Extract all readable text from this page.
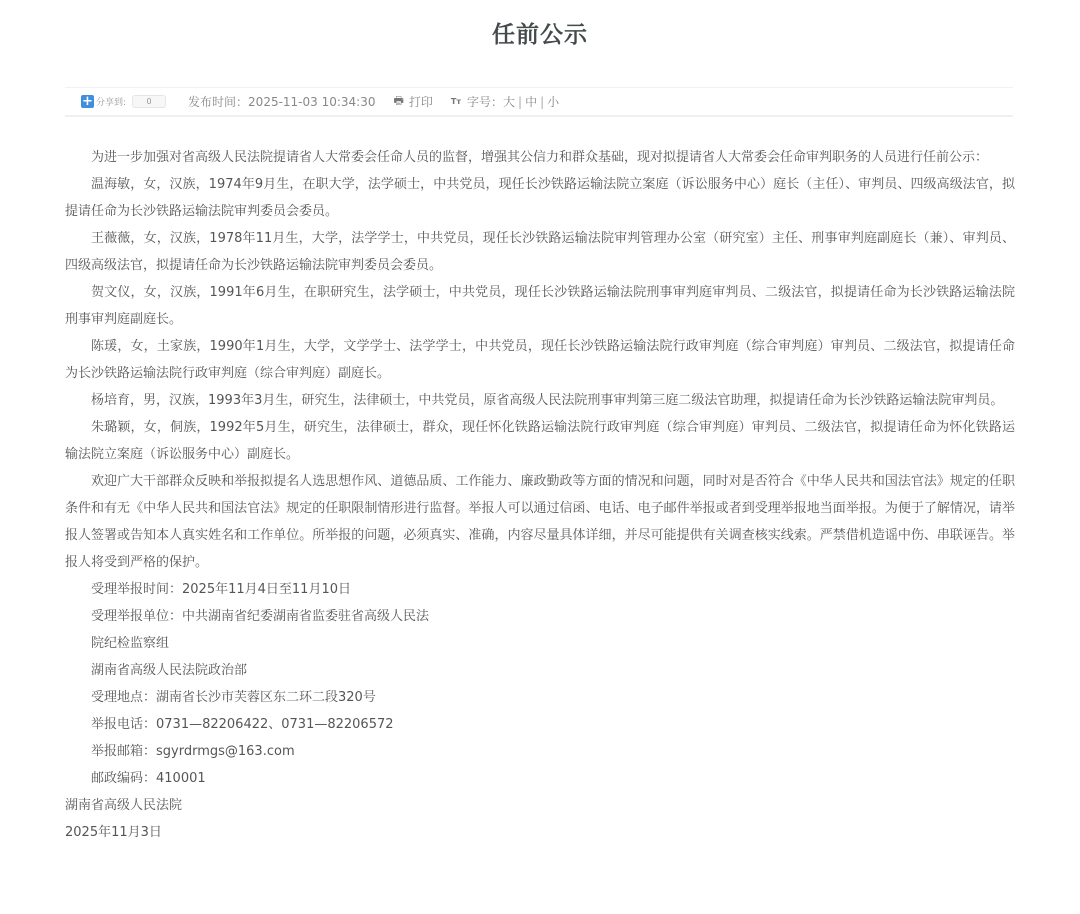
任前公示
+ 分享到:	0	发布时间：2025-11-03 10:34:30 🖶 打印 Tт 字号： 大 | 中 | 小

为进一步加强对省高级人民法院提请省人大常委会任命人员的监督，增强其公信力和群众基础，现对拟提请省人大常委会任命审判职务的人员进行任前公示：

温海敏，女，汉族，1974年9月生，在职大学，法学硕士，中共党员，现任长沙铁路运输法院立案庭（诉讼服务中心）庭长（主任）、审判员、四级高级法官，拟提请任命为长沙铁路运输法院审判委员会委员。

王薇薇，女，汉族，1978年11月生，大学，法学学士，中共党员，现任长沙铁路运输法院审判管理办公室（研究室）主任、刑事审判庭副庭长（兼）、审判员、四级高级法官，拟提请任命为长沙铁路运输法院审判委员会委员。

贺文仪，女，汉族，1991年6月生，在职研究生，法学硕士，中共党员，现任长沙铁路运输法院刑事审判庭审判员、二级法官，拟提请任命为长沙铁路运输法院刑事审判庭副庭长。

陈瑗，女，土家族，1990年1月生，大学，文学学士、法学学士，中共党员，现任长沙铁路运输法院行政审判庭（综合审判庭）审判员、二级法官，拟提请任命为长沙铁路运输法院行政审判庭（综合审判庭）副庭长。

杨培育，男，汉族，1993年3月生，研究生，法律硕士，中共党员，原省高级人民法院刑事审判第三庭二级法官助理，拟提请任命为长沙铁路运输法院审判员。

朱璐颖，女，侗族，1992年5月生，研究生，法律硕士，群众，现任怀化铁路运输法院行政审判庭（综合审判庭）审判员、二级法官，拟提请任命为怀化铁路运输法院立案庭（诉讼服务中心）副庭长。

欢迎广大干部群众反映和举报拟提名人选思想作风、道德品质、工作能力、廉政勤政等方面的情况和问题，同时对是否符合《中华人民共和国法官法》规定的任职条件和有无《中华人民共和国法官法》规定的任职限制情形进行监督。举报人可以通过信函、电话、电子邮件举报或者到受理举报地当面举报。为便于了解情况，请举报人签署或告知本人真实姓名和工作单位。所举报的问题，必须真实、准确，内容尽量具体详细，并尽可能提供有关调查核实线索。严禁借机造谣中伤、串联诬告。举报人将受到严格的保护。

受理举报时间：2025年11月4日至11月10日

受理举报单位：中共湖南省纪委湖南省监委驻省高级人民法

院纪检监察组

湖南省高级人民法院政治部

受理地点：湖南省长沙市芙蓉区东二环二段320号

举报电话：0731—82206422、0731—82206572

举报邮箱：sgyrdrmgs@163.com

邮政编码：410001

湖南省高级人民法院

2025年11月3日
